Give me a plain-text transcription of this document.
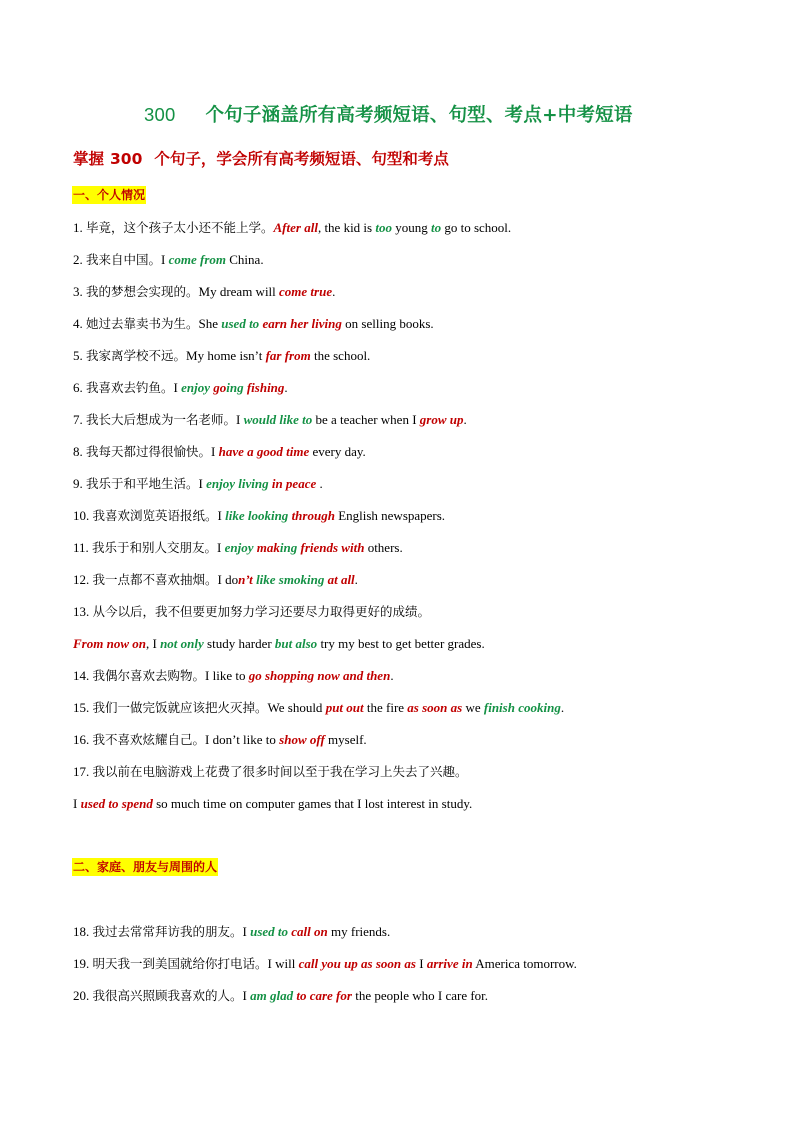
300 个句子涵盖所有高考频短语、句型、考点+中考短语
掌握 300 个句子，学会所有高考频短语、句型和考点
一、个人情况
二、家庭、朋友与周围的人
1. 毕竟，这个孩子太小还不能上学。After all, the kid is too young to go to school.
2. 我来自中国。I come from China.
3. 我的梦想会实现的。My dream will come true.
4. 她过去靠卖书为生。She used to earn her living on selling books.
5. 我家离学校不远。My home isn’t far from the school.
6. 我喜欢去钓鱼。I enjoy going fishing.
7. 我长大后想成为一名老师。I would like to be a teacher when I grow up.
8. 我每天都过得很愉快。I have a good time every day.
9. 我乐于和平地生活。I enjoy living in peace .
10. 我喜欢浏览英语报纸。I like looking through English newspapers.
11. 我乐于和别人交朋友。I enjoy making friends with others.
12. 我一点都不喜欢抽烟。I don’t like smoking at all.
13. 从今以后，我不但要更加努力学习还要尽力取得更好的成绩。
From now on, I not only study harder but also try my best to get better grades.
14. 我偶尔喜欢去购物。I like to go shopping now and then.
15. 我们一做完饭就应该把火灭掉。We should put out the fire as soon as we finish cooking.
16. 我不喜欢炫耀自己。I don’t like to show off myself.
17. 我以前在电脑游戏上花费了很多时间以至于我在学习上失去了兴趣。
I used to spend so much time on computer games that I lost interest in study.
18. 我过去常常拜访我的朋友。I used to call on my friends.
19. 明天我一到美国就给你打电话。I will call you up as soon as I arrive in America tomorrow.
20. 我很高兴照顾我喜欢的人。I am glad to care for the people who I care for.
